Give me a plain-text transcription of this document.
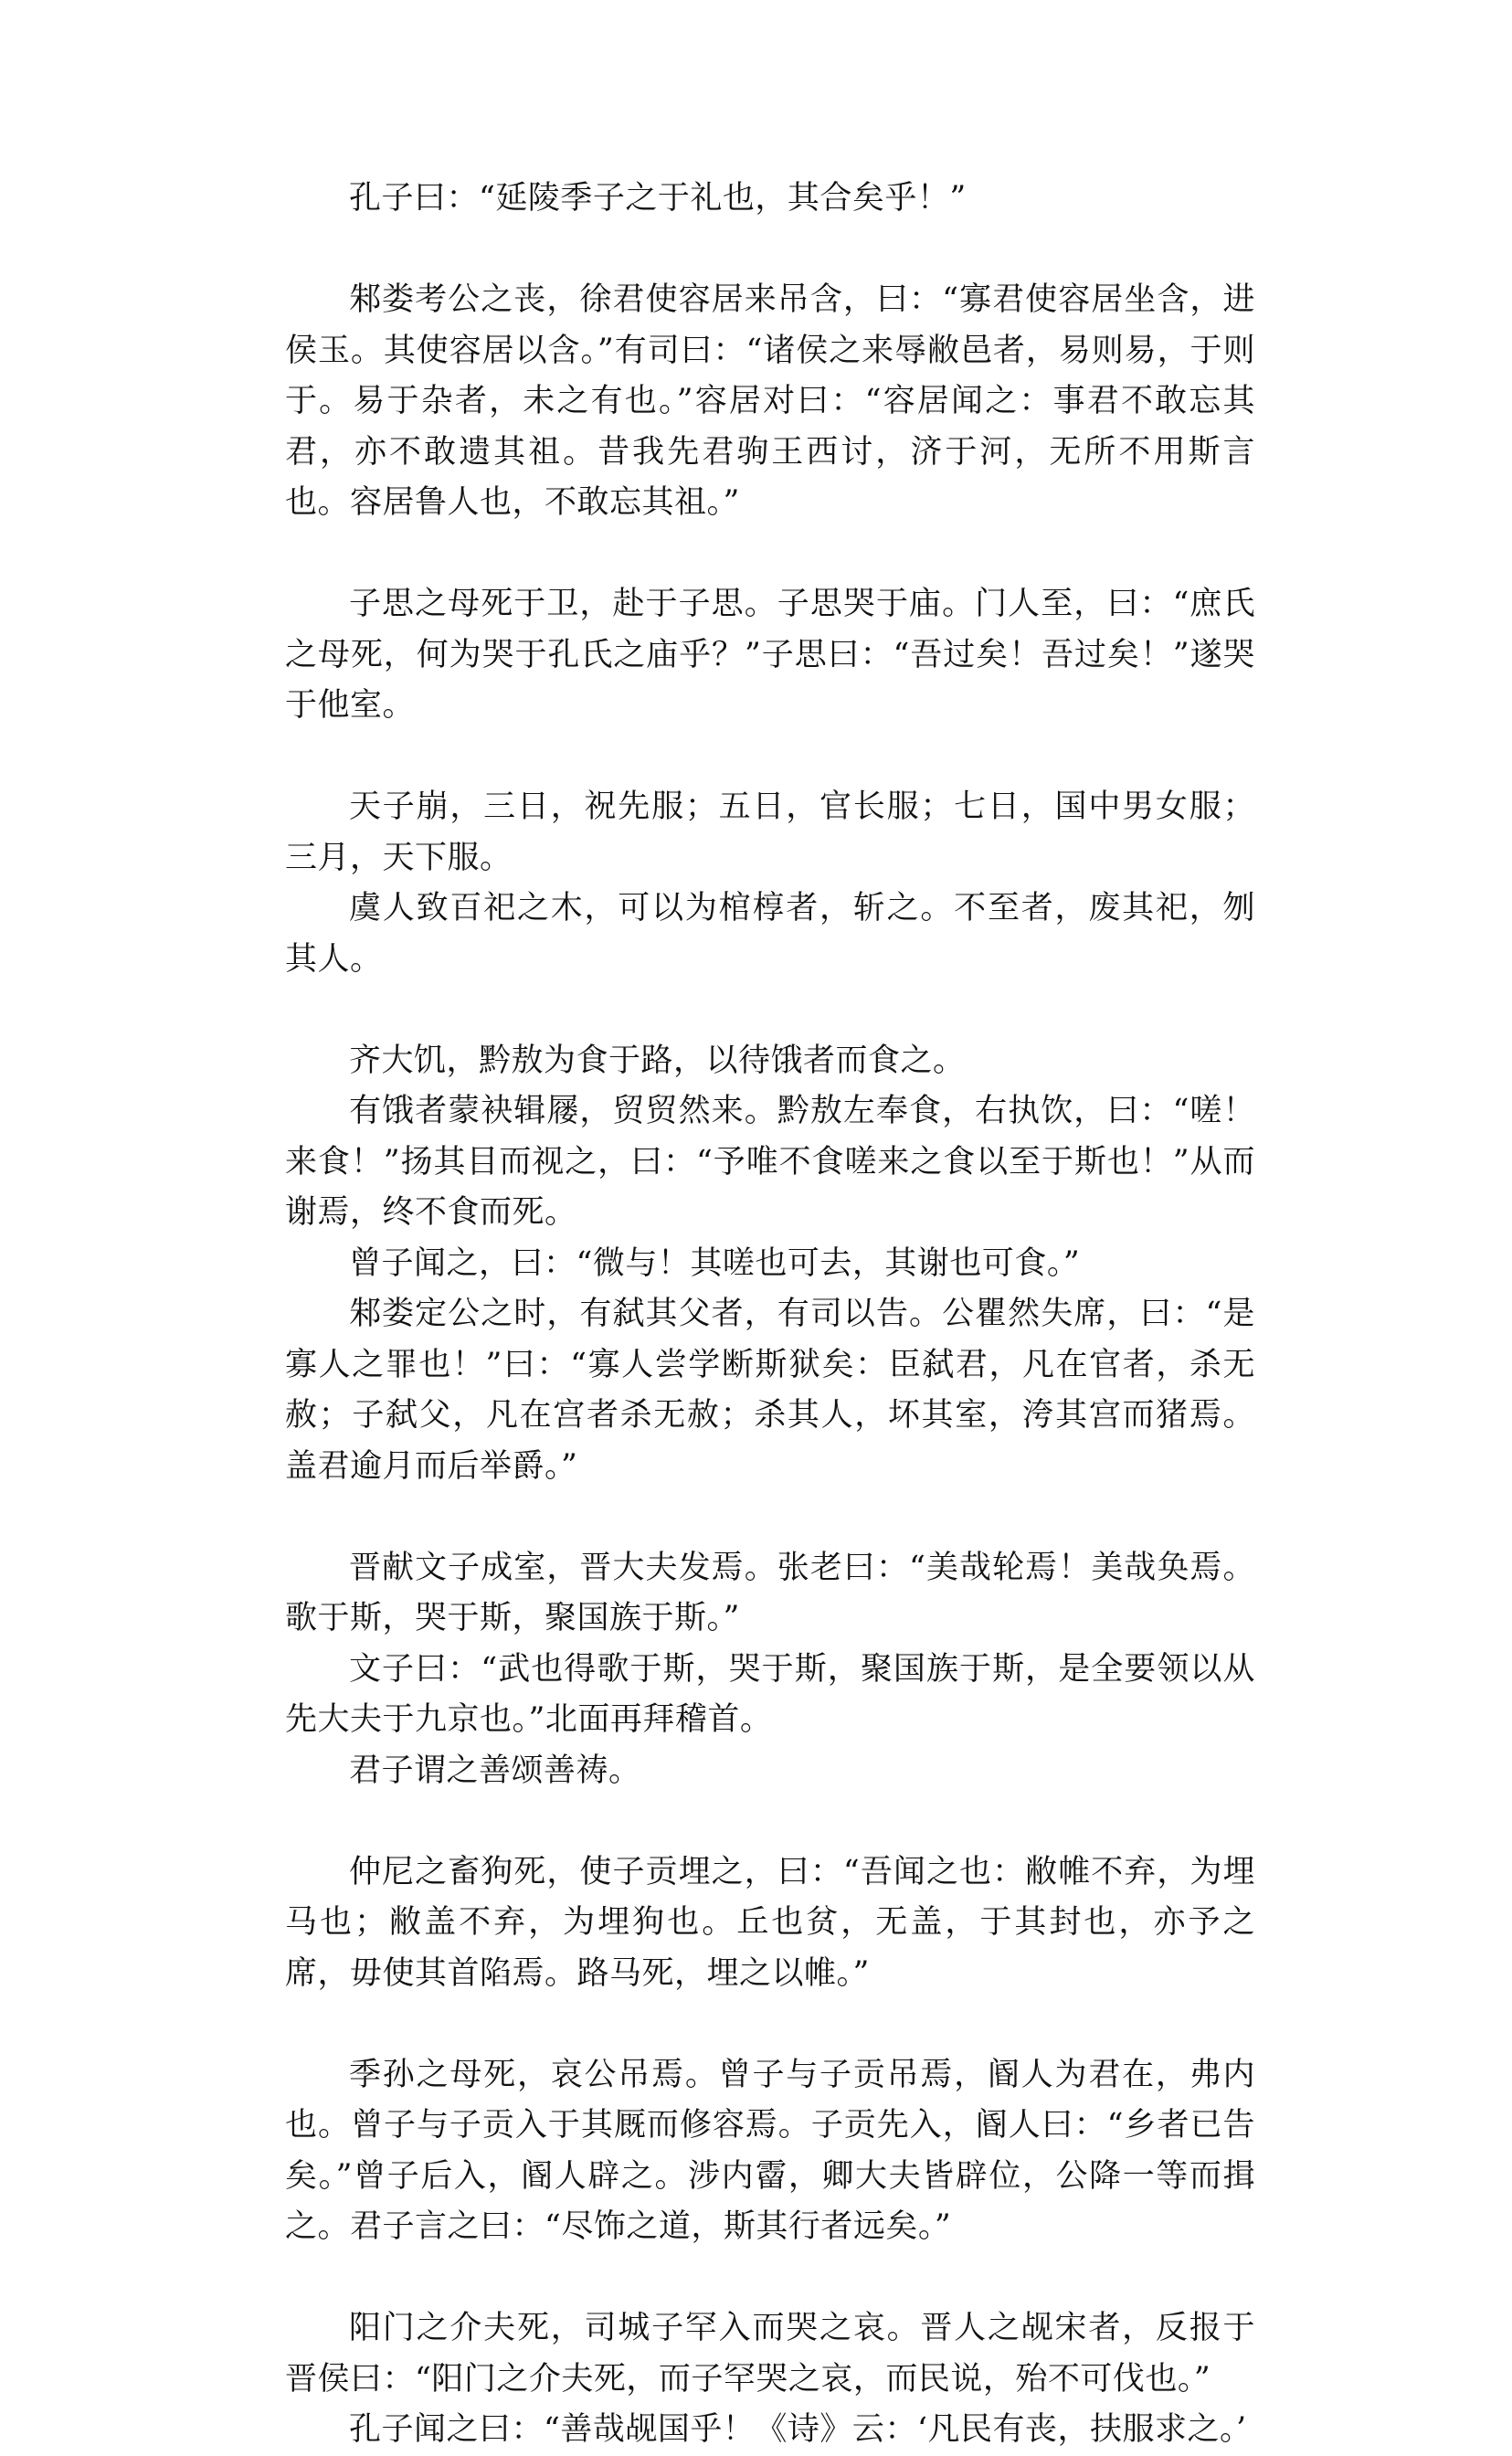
孔子曰：“延陵季子之于礼也，其合矣乎！”

邾娄考公之丧，徐君使容居来吊含，曰：“寡君使容居坐含，进侯玉。其使容居以含。”有司曰：“诸侯之来辱敝邑者，易则易，于则于。易于杂者，未之有也。”容居对曰：“容居闻之：事君不敢忘其君，亦不敢遗其祖。昔我先君驹王西讨，济于河，无所不用斯言也。容居鲁人也，不敢忘其祖。”

子思之母死于卫，赴于子思。子思哭于庙。门人至，曰：“庶氏之母死，何为哭于孔氏之庙乎？”子思曰：“吾过矣！吾过矣！”遂哭于他室。

天子崩，三日，祝先服；五日，官长服；七日，国中男女服；三月，天下服。

虞人致百祀之木，可以为棺椁者，斩之。不至者，废其祀，刎其人。

齐大饥，黔敖为食于路，以待饿者而食之。

有饿者蒙袂辑屦，贸贸然来。黔敖左奉食，右执饮，曰：“嗟！来食！”扬其目而视之，曰：“予唯不食嗟来之食以至于斯也！”从而谢焉，终不食而死。

曾子闻之，曰：“微与！其嗟也可去，其谢也可食。”

邾娄定公之时，有弑其父者，有司以告。公瞿然失席，曰：“是寡人之罪也！”曰：“寡人尝学断斯狱矣：臣弑君，凡在官者，杀无赦；子弑父，凡在宫者杀无赦；杀其人，坏其室，洿其宫而猪焉。盖君逾月而后举爵。”

晋献文子成室，晋大夫发焉。张老曰：“美哉轮焉！美哉奂焉。歌于斯，哭于斯，聚国族于斯。”

文子曰：“武也得歌于斯，哭于斯，聚国族于斯，是全要领以从先大夫于九京也。”北面再拜稽首。

君子谓之善颂善祷。

仲尼之畜狗死，使子贡埋之，曰：“吾闻之也：敝帷不弃，为埋马也；敝盖不弃，为埋狗也。丘也贫，无盖，于其封也，亦予之席，毋使其首陷焉。路马死，埋之以帷。”

季孙之母死，哀公吊焉。曾子与子贡吊焉，阍人为君在，弗内也。曾子与子贡入于其厩而修容焉。子贡先入，阍人曰：“乡者已告矣。”曾子后入，阍人辟之。涉内霤，卿大夫皆辟位，公降一等而揖之。君子言之曰：“尽饰之道，斯其行者远矣。”

阳门之介夫死，司城子罕入而哭之哀。晋人之觇宋者，反报于晋侯曰：“阳门之介夫死，而子罕哭之哀，而民说，殆不可伐也。”

孔子闻之曰：“善哉觇国乎！《诗》云：‘凡民有丧，扶服求之。’
